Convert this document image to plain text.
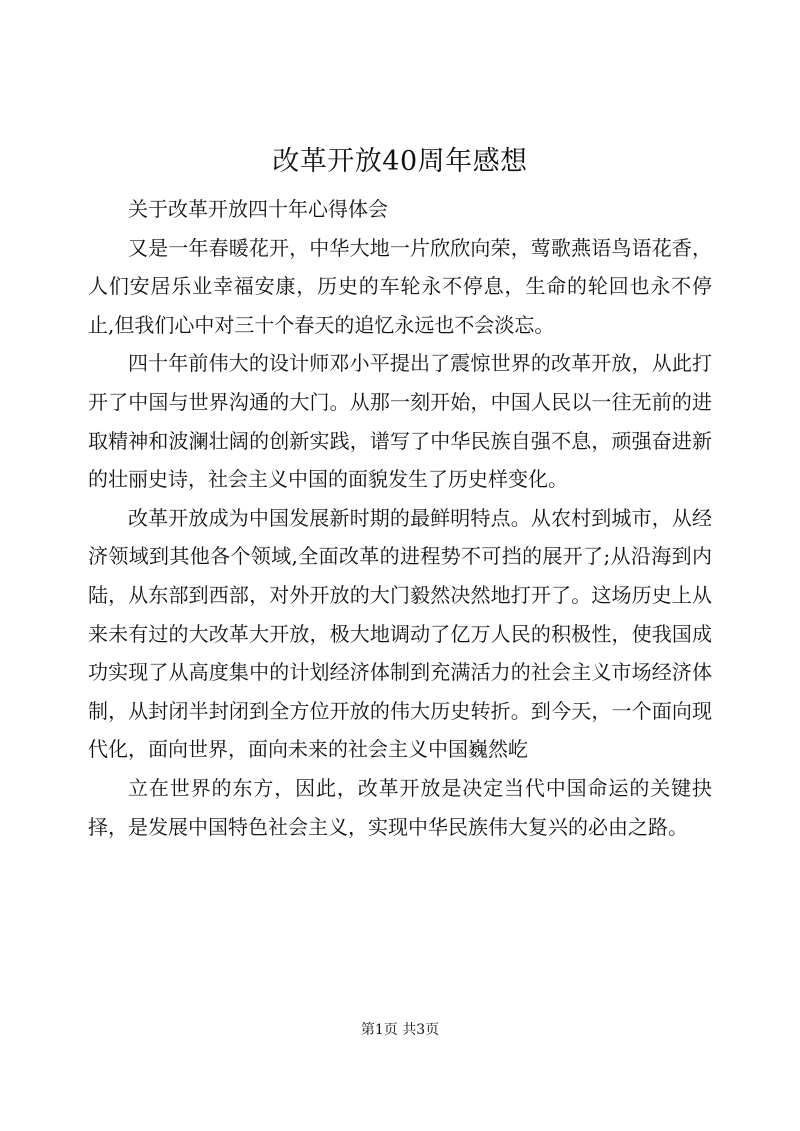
改革开放40周年感想

关于改革开放四十年心得体会

又是一年春暖花开，中华大地一片欣欣向荣，莺歌燕语鸟语花香，人们安居乐业幸福安康，历史的车轮永不停息，生命的轮回也永不停止,但我们心中对三十个春天的追忆永远也不会淡忘。

四十年前伟大的设计师邓小平提出了震惊世界的改革开放，从此打开了中国与世界沟通的大门。从那一刻开始，中国人民以一往无前的进取精神和波澜壮阔的创新实践，谱写了中华民族自强不息，顽强奋进新的壮丽史诗，社会主义中国的面貌发生了历史样变化。

改革开放成为中国发展新时期的最鲜明特点。从农村到城市，从经济领域到其他各个领域,全面改革的进程势不可挡的展开了;从沿海到内陆，从东部到西部，对外开放的大门毅然决然地打开了。这场历史上从来未有过的大改革大开放，极大地调动了亿万人民的积极性，使我国成功实现了从高度集中的计划经济体制到充满活力的社会主义市场经济体制，从封闭半封闭到全方位开放的伟大历史转折。到今天，一个面向现代化，面向世界，面向未来的社会主义中国巍然屹

立在世界的东方，因此，改革开放是决定当代中国命运的关键抉择，是发展中国特色社会主义，实现中华民族伟大复兴的必由之路。

第1页 共3页
